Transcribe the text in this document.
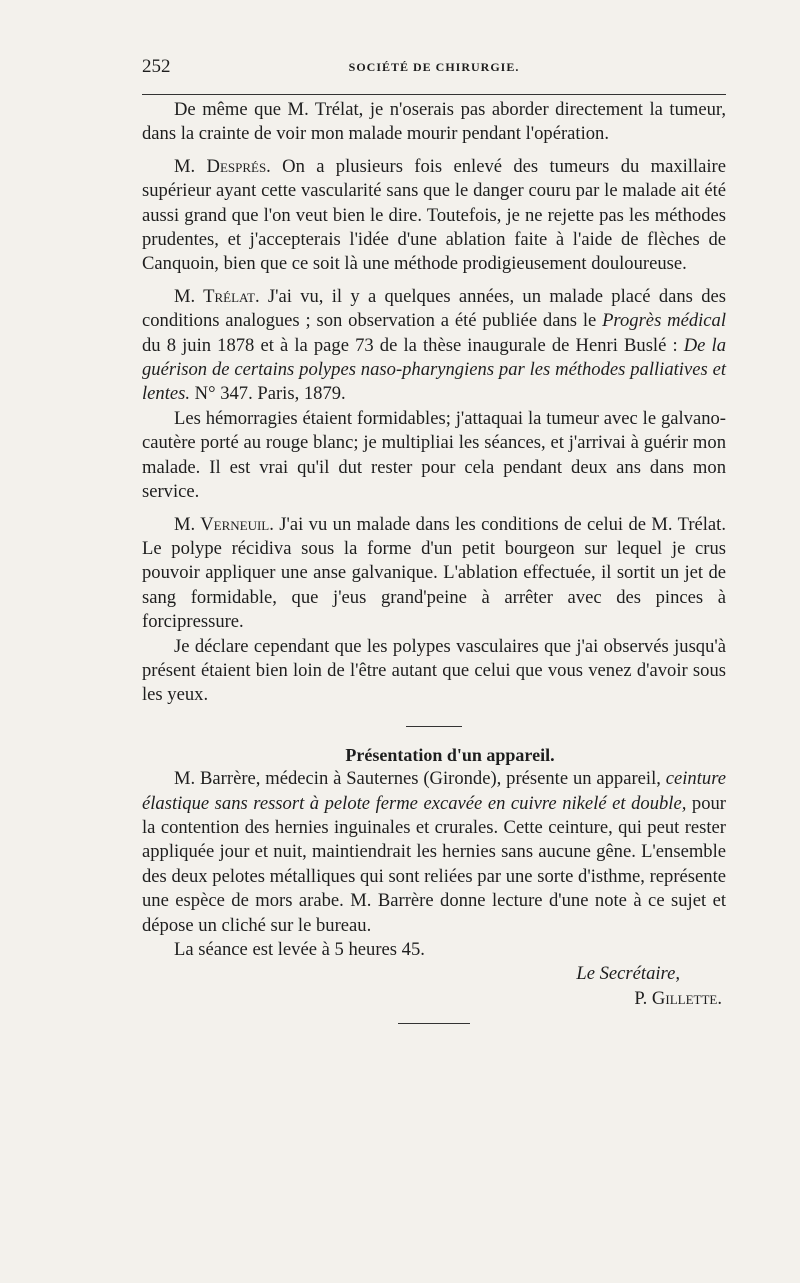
252	SOCIÉTÉ DE CHIRURGIE.

De même que M. Trélat, je n'oserais pas aborder directement la tumeur, dans la crainte de voir mon malade mourir pendant l'opération.

M. Després. On a plusieurs fois enlevé des tumeurs du maxillaire supérieur ayant cette vascularité sans que le danger couru par le malade ait été aussi grand que l'on veut bien le dire. Toutefois, je ne rejette pas les méthodes prudentes, et j'accepterais l'idée d'une ablation faite à l'aide de flèches de Canquoin, bien que ce soit là une méthode prodigieusement douloureuse.

M. Trélat. J'ai vu, il y a quelques années, un malade placé dans des conditions analogues ; son observation a été publiée dans le Progrès médical du 8 juin 1878 et à la page 73 de la thèse inaugurale de Henri Buslé : De la guérison de certains polypes naso-pharyngiens par les méthodes palliatives et lentes. N° 347. Paris, 1879.

Les hémorragies étaient formidables; j'attaquai la tumeur avec le galvano-cautère porté au rouge blanc; je multipliai les séances, et j'arrivai à guérir mon malade. Il est vrai qu'il dut rester pour cela pendant deux ans dans mon service.

M. Verneuil. J'ai vu un malade dans les conditions de celui de M. Trélat. Le polype récidiva sous la forme d'un petit bourgeon sur lequel je crus pouvoir appliquer une anse galvanique. L'ablation effectuée, il sortit un jet de sang formidable, que j'eus grand'peine à arrêter avec des pinces à forcipressure.

Je déclare cependant que les polypes vasculaires que j'ai observés jusqu'à présent étaient bien loin de l'être autant que celui que vous venez d'avoir sous les yeux.

Présentation d'un appareil.

M. Barrère, médecin à Sauternes (Gironde), présente un appareil, ceinture élastique sans ressort à pelote ferme excavée en cuivre nikelé et double, pour la contention des hernies inguinales et crurales. Cette ceinture, qui peut rester appliquée jour et nuit, maintiendrait les hernies sans aucune gêne. L'ensemble des deux pelotes métalliques qui sont reliées par une sorte d'isthme, représente une espèce de mors arabe. M. Barrère donne lecture d'une note à ce sujet et dépose un cliché sur le bureau.

La séance est levée à 5 heures 45.

Le Secrétaire,

P. Gillette.
